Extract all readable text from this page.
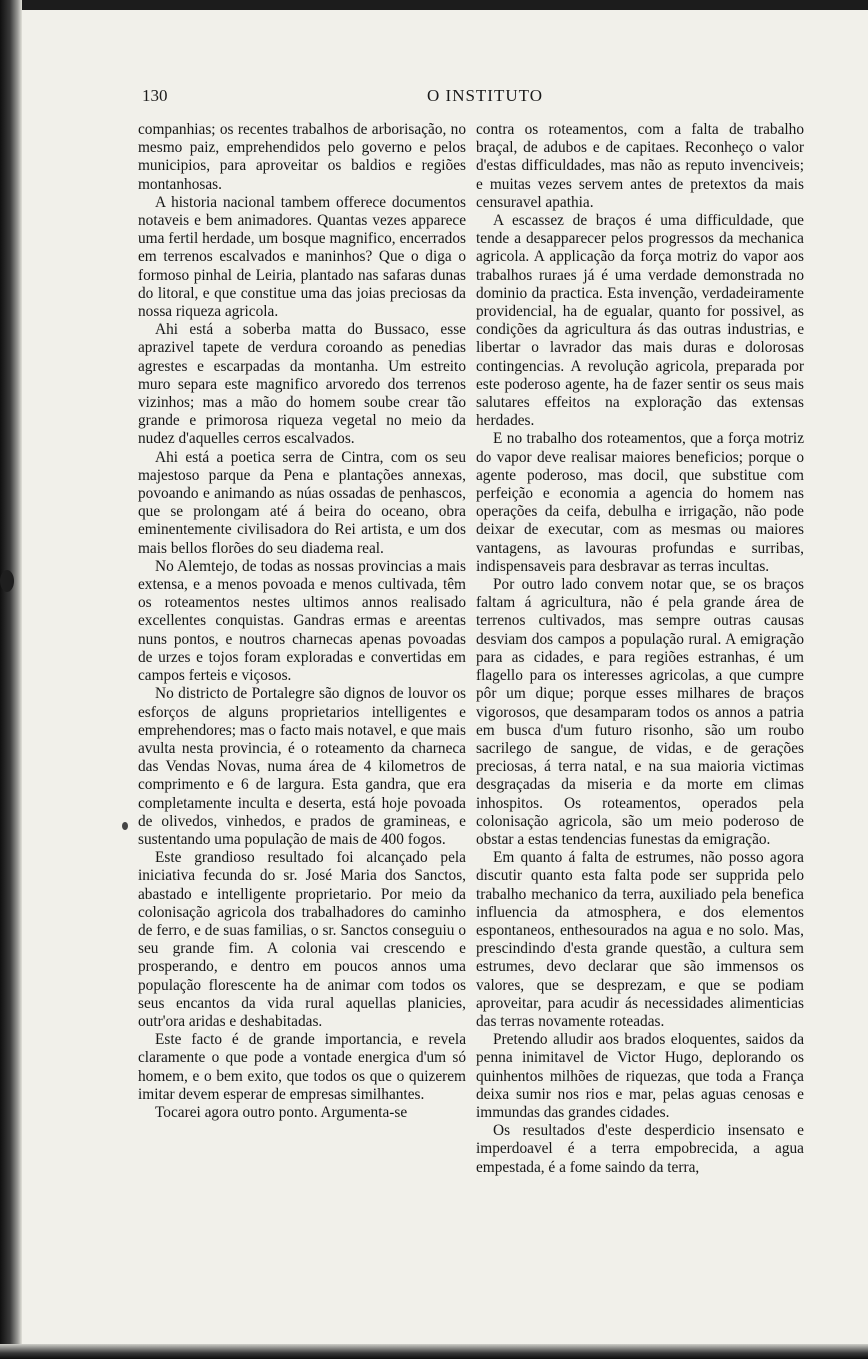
130	O INSTITUTO

companhias; os recentes trabalhos de arborisação, no mesmo paiz, emprehendidos pelo governo e pelos municipios, para aproveitar os baldios e regiões montanhosas.

A historia nacional tambem offerece documentos notaveis e bem animadores. Quantas vezes apparece uma fertil herdade, um bosque magnifico, encerrados em terrenos escalvados e maninhos? Que o diga o formoso pinhal de Leiria, plantado nas safaras dunas do litoral, e que constitue uma das joias preciosas da nossa riqueza agricola.

Ahi está a soberba matta do Bussaco, esse aprazivel tapete de verdura coroando as penedias agrestes e escarpadas da montanha. Um estreito muro separa este magnifico arvoredo dos terrenos vizinhos; mas a mão do homem soube crear tão grande e primorosa riqueza vegetal no meio da nudez d'aquelles cerros escalvados.

Ahi está a poetica serra de Cintra, com os seu majestoso parque da Pena e plantações annexas, povoando e animando as núas ossadas de penhascos, que se prolongam até á beira do oceano, obra eminentemente civilisadora do Rei artista, e um dos mais bellos florões do seu diadema real.

No Alemtejo, de todas as nossas provincias a mais extensa, e a menos povoada e menos cultivada, têm os roteamentos nestes ultimos annos realisado excellentes conquistas. Gandras ermas e areentas nuns pontos, e noutros charnecas apenas povoadas de urzes e tojos foram exploradas e convertidas em campos ferteis e viçosos.

No districto de Portalegre são dignos de louvor os esforços de alguns proprietarios intelligentes e emprehendores; mas o facto mais notavel, e que mais avulta nesta provincia, é o roteamento da charneca das Vendas Novas, numa área de 4 kilometros de comprimento e 6 de largura. Esta gandra, que era completamente inculta e deserta, está hoje povoada de olivedos, vinhedos, e prados de gramineas, e sustentando uma população de mais de 400 fogos.

Este grandioso resultado foi alcançado pela iniciativa fecunda do sr. José Maria dos Sanctos, abastado e intelligente proprietario. Por meio da colonisação agricola dos trabalhadores do caminho de ferro, e de suas familias, o sr. Sanctos conseguiu o seu grande fim. A colonia vai crescendo e prosperando, e dentro em poucos annos uma população florescente ha de animar com todos os seus encantos da vida rural aquellas planicies, outr'ora aridas e deshabitadas.

Este facto é de grande importancia, e revela claramente o que pode a vontade energica d'um só homem, e o bem exito, que todos os que o quizerem imitar devem esperar de empresas similhantes.

Tocarei agora outro ponto. Argumenta-se

contra os roteamentos, com a falta de trabalho braçal, de adubos e de capitaes. Reconheço o valor d'estas difficuldades, mas não as reputo invenciveis; e muitas vezes servem antes de pretextos da mais censuravel apathia.

A escassez de braços é uma difficuldade, que tende a desapparecer pelos progressos da mechanica agricola. A applicação da força motriz do vapor aos trabalhos ruraes já é uma verdade demonstrada no dominio da practica. Esta invenção, verdadeiramente providencial, ha de egualar, quanto for possivel, as condições da agricultura ás das outras industrias, e libertar o lavrador das mais duras e dolorosas contingencias. A revolução agricola, preparada por este poderoso agente, ha de fazer sentir os seus mais salutares effeitos na exploração das extensas herdades.

E no trabalho dos roteamentos, que a força motriz do vapor deve realisar maiores beneficios; porque o agente poderoso, mas docil, que substitue com perfeição e economia a agencia do homem nas operações da ceifa, debulha e irrigação, não pode deixar de executar, com as mesmas ou maiores vantagens, as lavouras profundas e surribas, indispensaveis para desbravar as terras incultas.

Por outro lado convem notar que, se os braços faltam á agricultura, não é pela grande área de terrenos cultivados, mas sempre outras causas desviam dos campos a população rural. A emigração para as cidades, e para regiões estranhas, é um flagello para os interesses agricolas, a que cumpre pôr um dique; porque esses milhares de braços vigorosos, que desamparam todos os annos a patria em busca d'um futuro risonho, são um roubo sacrilego de sangue, de vidas, e de gerações preciosas, á terra natal, e na sua maioria victimas desgraçadas da miseria e da morte em climas inhospitos. Os roteamentos, operados pela colonisação agricola, são um meio poderoso de obstar a estas tendencias funestas da emigração.

Em quanto á falta de estrumes, não posso agora discutir quanto esta falta pode ser supprida pelo trabalho mechanico da terra, auxiliado pela benefica influencia da atmosphera, e dos elementos espontaneos, enthesourados na agua e no solo. Mas, prescindindo d'esta grande questão, a cultura sem estrumes, devo declarar que são immensos os valores, que se desprezam, e que se podiam aproveitar, para acudir ás necessidades alimenticias das terras novamente roteadas.

Pretendo alludir aos brados eloquentes, saidos da penna inimitavel de Victor Hugo, deplorando os quinhentos milhões de riquezas, que toda a França deixa sumir nos rios e mar, pelas aguas cenosas e immundas das grandes cidades.

Os resultados d'este desperdicio insensato e imperdoavel é a terra empobrecida, a agua empestada, é a fome saindo da terra,
